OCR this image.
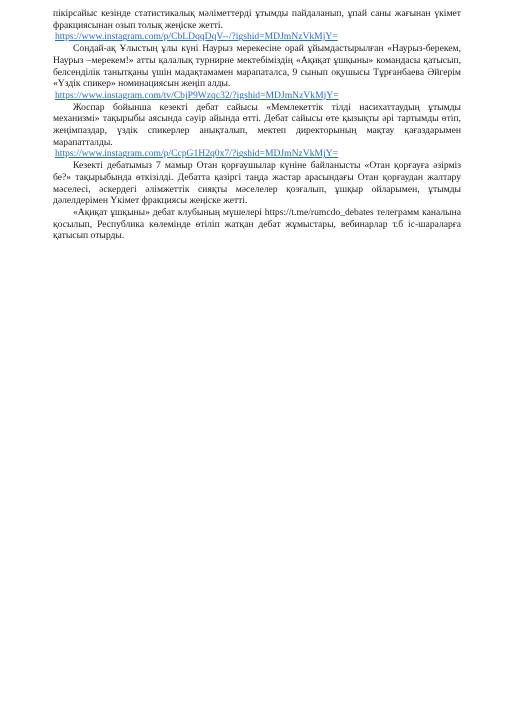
пікірсайыс кезінде статистикалық мәліметтерді ұтымды пайдаланып, ұпай саны жағынан үкімет фракциясынан озып толық жеңіске жетті.

https://www.instagram.com/p/CbLDqqDqV--/?igshid=MDJmNzVkMjY=

Сондай-ақ Ұлыстың ұлы күні Наурыз мерекесіне орай ұйымдастырылған «Наурыз-берекем, Наурыз –мерекем!» атты қалалық турнирне мектебіміздің «Ақиқат ұшқыны» командасы қатысып, белсенділік танытқаны үшін мадақтамамен марапаталса, 9 сынып оқушысы Тұрғанбаева Әйгерім «Үздік спикер» номинациясын жеңіп алды.

https://www.instagram.com/tv/CbjP9Wzqc32/?igshid=MDJmNzVkMjY=

Жоспар бойынша кезекті дебат сайысы «Мемлекеттік тілді насихаттаудың ұтымды механизмі» тақырыбы аясында сәуір айында өтті. Дебат сайысы өте қызықты әрі тартымды өтіп, жеңімпаздар, үздік спикерлер анықталып, мектеп директорының мақтау қағаздарымен марапатталды.

https://www.instagram.com/p/CcpG1H2q0x7/?igshid=MDJmNzVkMjY=

Кезекті дебатымыз 7 мамыр Отан қорғаушылар күніне байланысты «Отан қорғауға әзірміз бе?» тақырыбында өткізілді. Дебатта қазіргі таңда жастар арасындағы Отан қорғаудан жалтару мәселесі, әскердегі әлімжеттік сияқты мәселелер қозғалып, ұшқыр ойларымен, ұтымды дәлелдерімен Үкімет фракциясы жеңіске жетті.

«Ақиқат ұшқыны» дебат клубының мүшелері https://t.me/rumcdo_debates телеграмм каналына қосылып, Республика көлемінде өтіліп жатқан дебат жұмыстары, вебинарлар т.б іс-шараларға қатысып отырды.
